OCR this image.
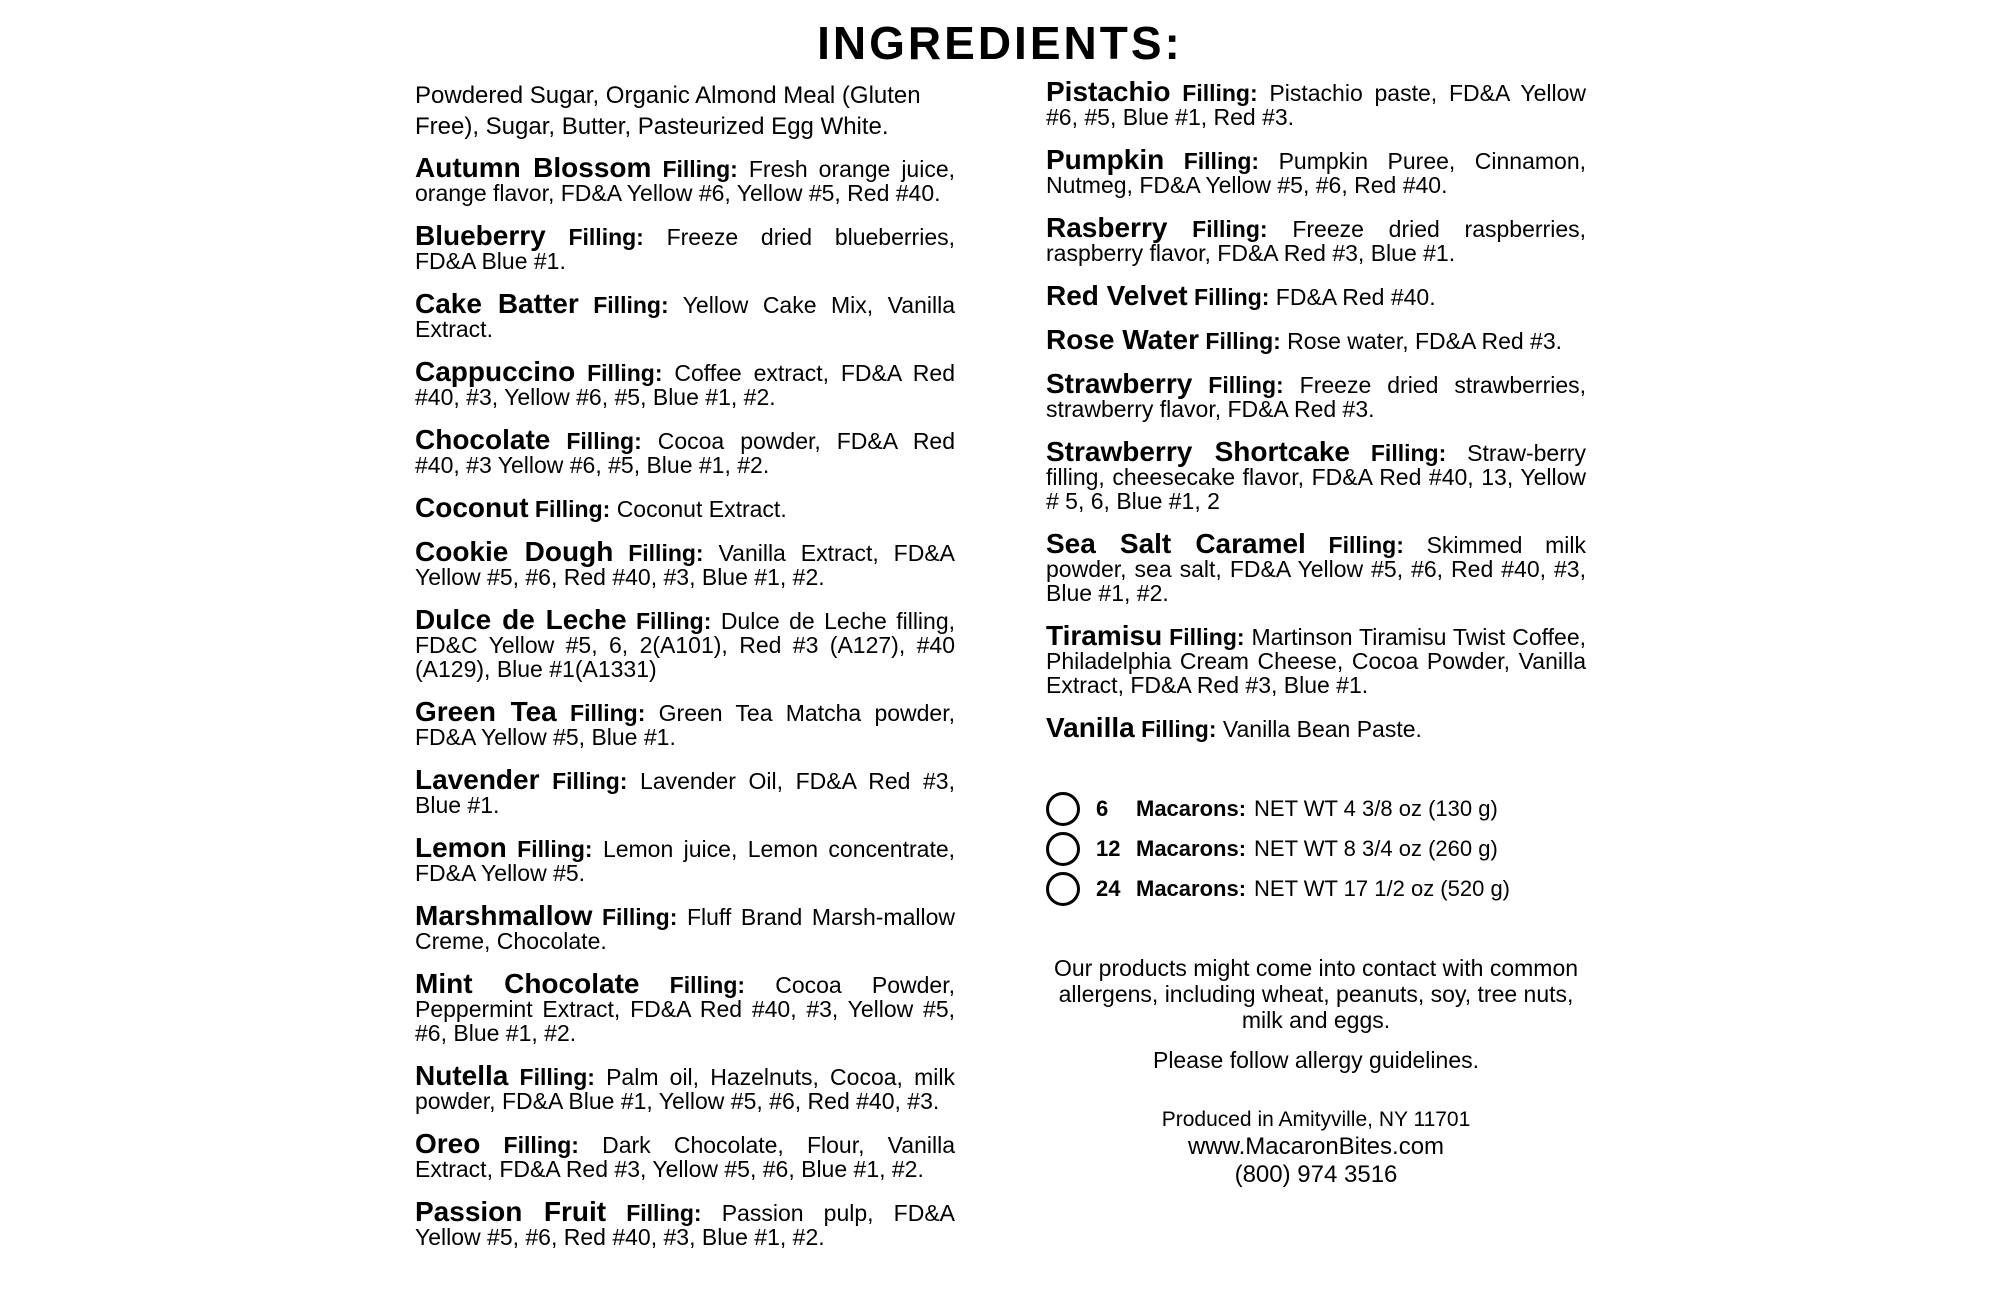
INGREDIENTS:

Powdered Sugar, Organic Almond Meal (Gluten Free), Sugar, Butter, Pasteurized Egg White.

Autumn Blossom Filling: Fresh orange juice, orange flavor, FD&A Yellow #6, Yellow #5, Red #40.

Blueberry Filling: Freeze dried blueberries, FD&A Blue #1.

Cake Batter Filling: Yellow Cake Mix, Vanilla Extract.

Cappuccino Filling: Coffee extract, FD&A Red #40, #3, Yellow #6, #5, Blue #1, #2.

Chocolate Filling: Cocoa powder, FD&A Red #40, #3 Yellow #6, #5, Blue #1, #2.

Coconut Filling: Coconut Extract.

Cookie Dough Filling: Vanilla Extract, FD&A Yellow #5, #6, Red #40, #3, Blue #1, #2.

Dulce de Leche Filling: Dulce de Leche filling, FD&C Yellow #5, 6, 2(A101), Red #3 (A127), #40 (A129), Blue #1(A1331)

Green Tea Filling: Green Tea Matcha powder, FD&A Yellow #5, Blue #1.

Lavender Filling: Lavender Oil, FD&A Red #3, Blue #1.

Lemon Filling: Lemon juice, Lemon concentrate, FD&A Yellow #5.

Marshmallow Filling: Fluff Brand Marsh-mallow Creme, Chocolate.

Mint Chocolate Filling: Cocoa Powder, Peppermint Extract, FD&A Red #40, #3, Yellow #5, #6, Blue #1, #2.

Nutella Filling: Palm oil, Hazelnuts, Cocoa, milk powder, FD&A Blue #1, Yellow #5, #6, Red #40, #3.

Oreo Filling: Dark Chocolate, Flour, Vanilla Extract, FD&A Red #3, Yellow #5, #6, Blue #1, #2.

Passion Fruit Filling: Passion pulp, FD&A Yellow #5, #6, Red #40, #3, Blue #1, #2.

Pistachio Filling: Pistachio paste, FD&A Yellow #6, #5, Blue #1, Red #3.

Pumpkin Filling: Pumpkin Puree, Cinnamon, Nutmeg, FD&A Yellow #5, #6, Red #40.

Rasberry Filling: Freeze dried raspberries, raspberry flavor, FD&A Red #3, Blue #1.

Red Velvet Filling: FD&A Red #40.

Rose Water Filling: Rose water, FD&A Red #3.

Strawberry Filling: Freeze dried strawberries, strawberry flavor, FD&A Red #3.

Strawberry Shortcake Filling: Straw-berry filling, cheesecake flavor, FD&A Red #40, 13, Yellow # 5, 6, Blue #1, 2

Sea Salt Caramel Filling: Skimmed milk powder, sea salt, FD&A Yellow #5, #6, Red #40, #3, Blue #1, #2.

Tiramisu Filling: Martinson Tiramisu Twist Coffee, Philadelphia Cream Cheese, Cocoa Powder, Vanilla Extract, FD&A Red #3, Blue #1.

Vanilla Filling: Vanilla Bean Paste.

6	Macarons: NET WT 4 3/8 oz (130 g)
12 Macarons: NET WT 8 3/4 oz (260 g)
24 Macarons: NET WT 17 1/2 oz (520 g)

Our products might come into contact with common allergens, including wheat, peanuts, soy, tree nuts, milk and eggs.

Please follow allergy guidelines.

Produced in Amityville, NY 11701

www.MacaronBites.com

(800) 974 3516
